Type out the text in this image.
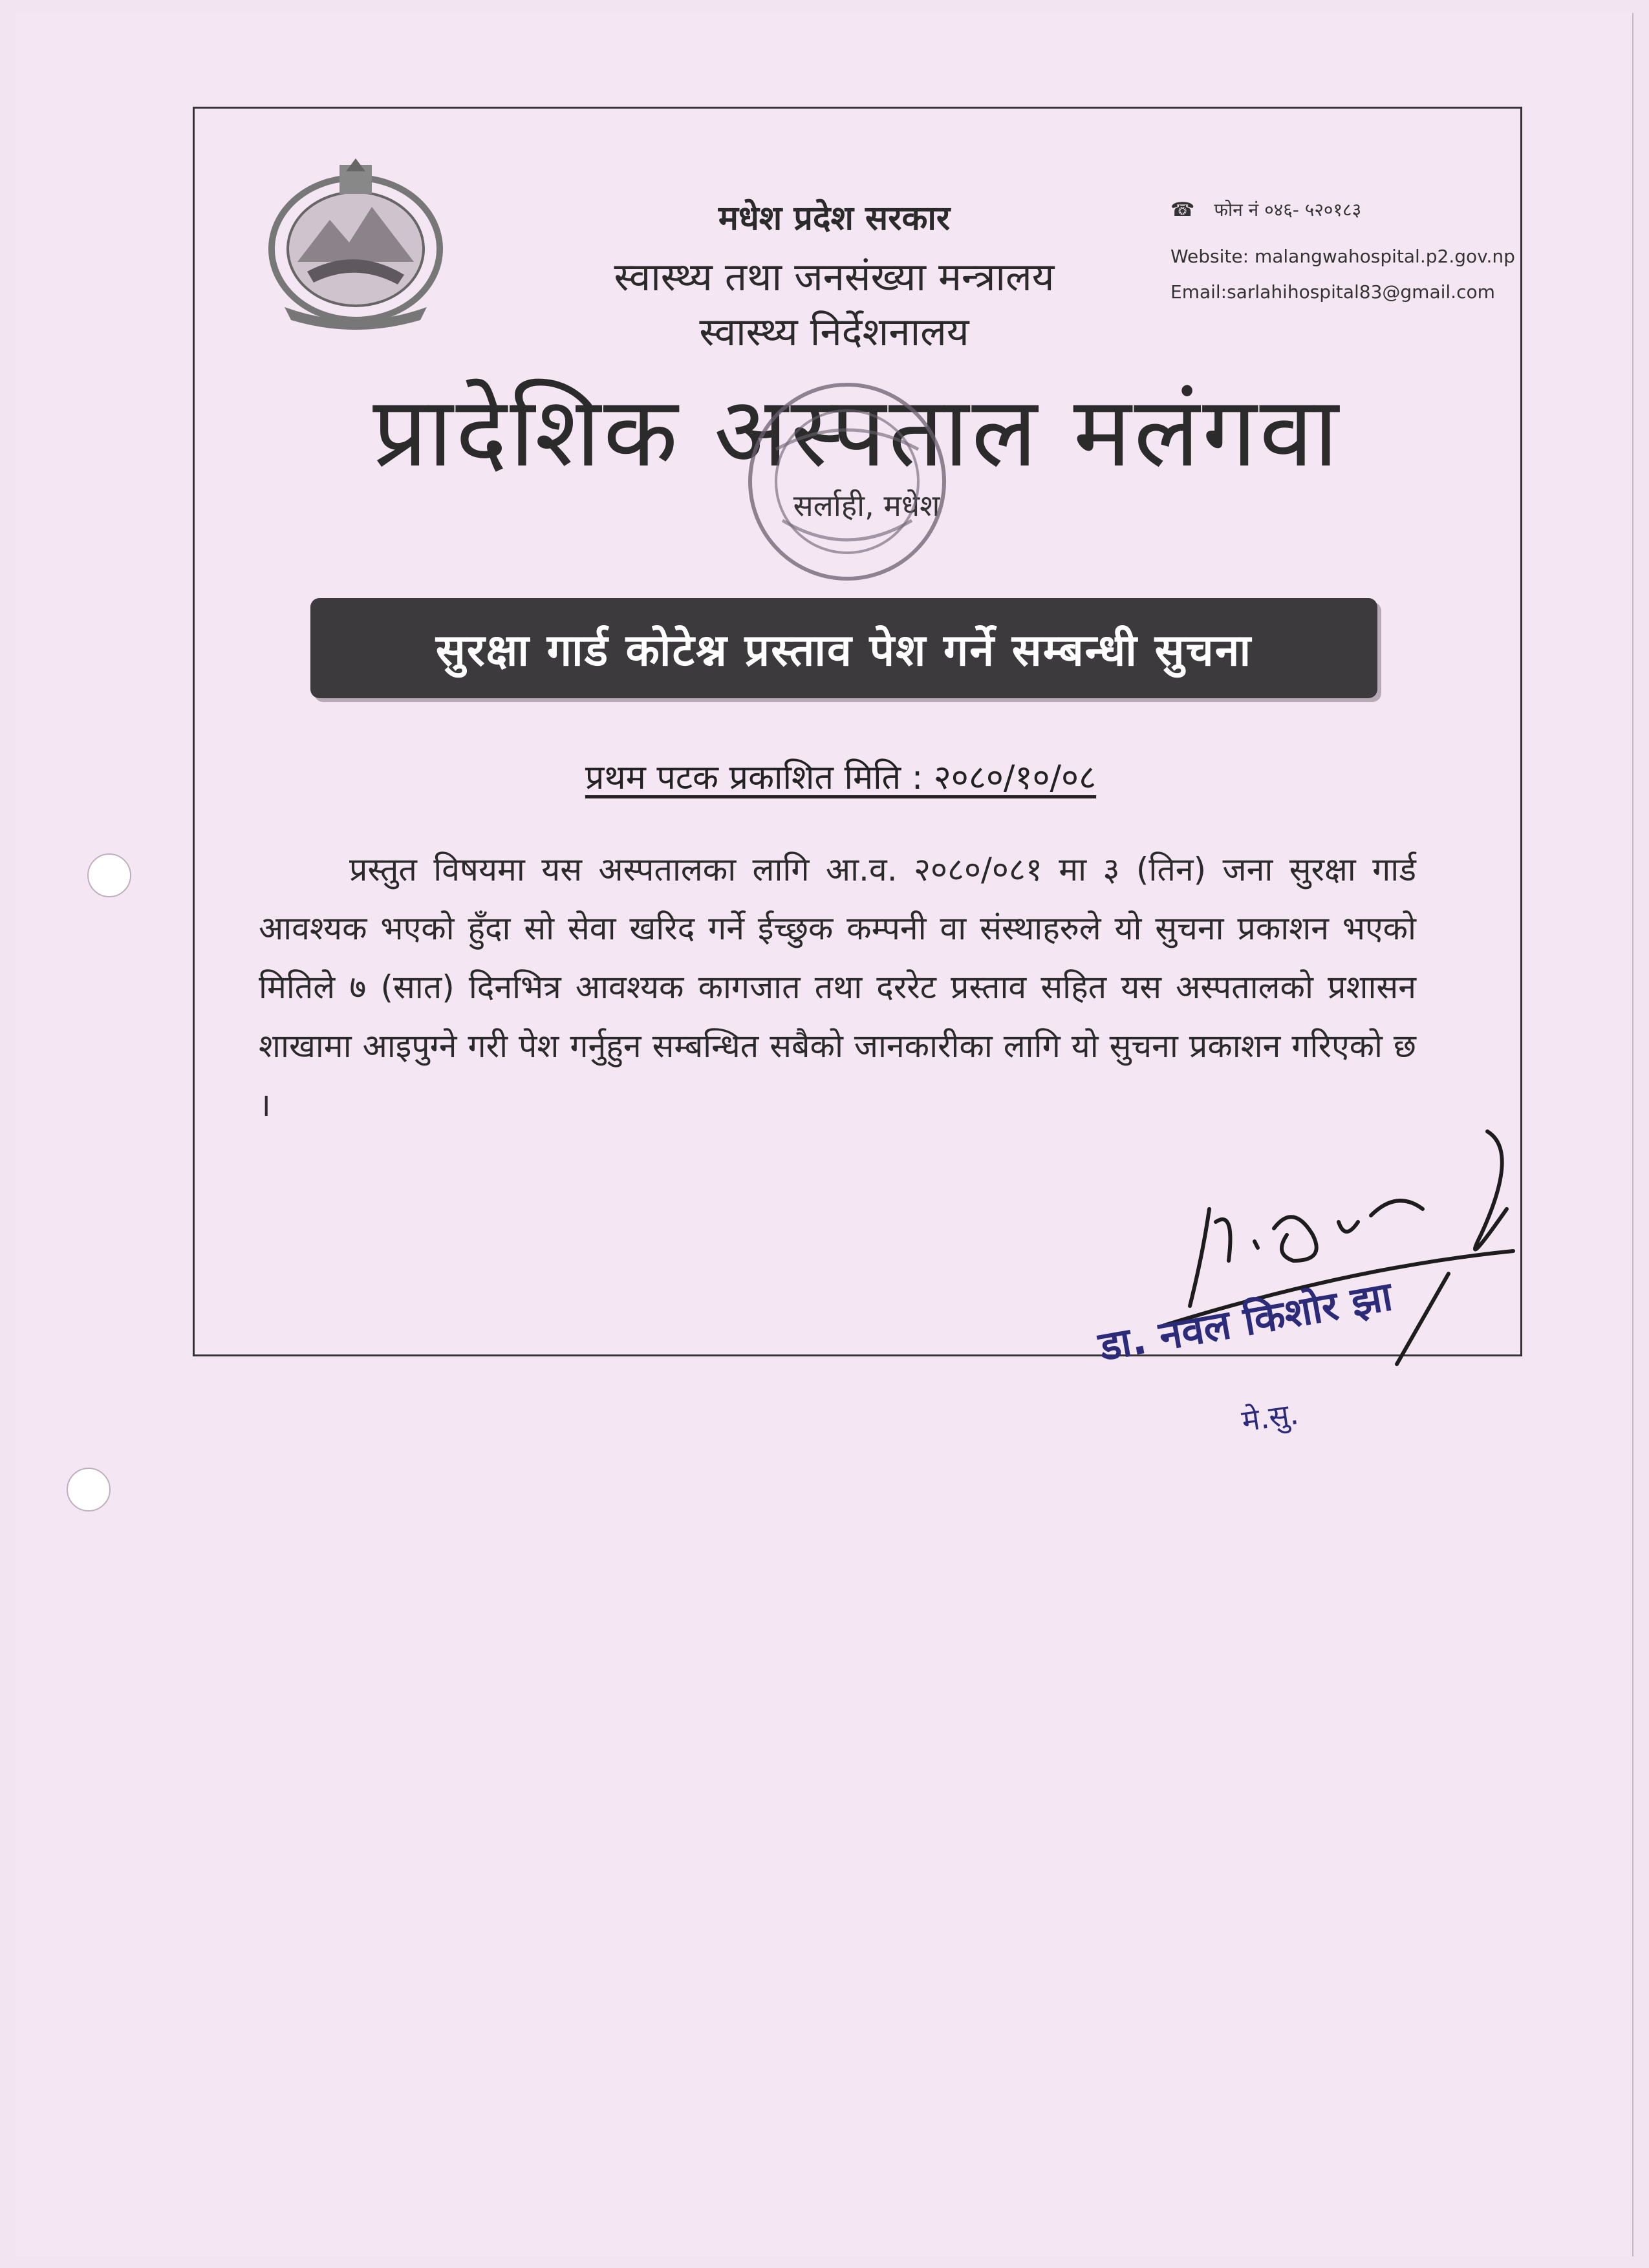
मधेश प्रदेश सरकार
स्वास्थ्य तथा जनसंख्या मन्त्रालय
स्वास्थ्य निर्देशनालय
☎ फोन नं ०४६- ५२०१८३
Website: malangwahospital.p2.gov.np
Email:sarlahihospital83@gmail.com
प्रादेशिक अस्पताल मलंगवा
सर्लाही, मधेश
सुरक्षा गार्ड कोटेश्न प्रस्ताव पेश गर्ने सम्बन्धी सुचना
प्रथम पटक प्रकाशित मिति : २०८०/१०/०८
प्रस्तुत विषयमा यस अस्पतालका लागि आ.व. २०८०/०८१ मा ३ (तिन) जना सुरक्षा गार्ड आवश्यक भएको हुँदा सो सेवा खरिद गर्ने ईच्छुक कम्पनी वा संस्थाहरुले यो सुचना प्रकाशन भएको मितिले ७ (सात) दिनभित्र आवश्यक कागजात तथा दररेट प्रस्ताव सहित यस अस्पतालको प्रशासन शाखामा आइपुग्ने गरी पेश गर्नुहुन सम्बन्धित सबैको जानकारीका लागि यो सुचना प्रकाशन गरिएको छ ।
डा. नवल किशोर झा
मे.सु.
